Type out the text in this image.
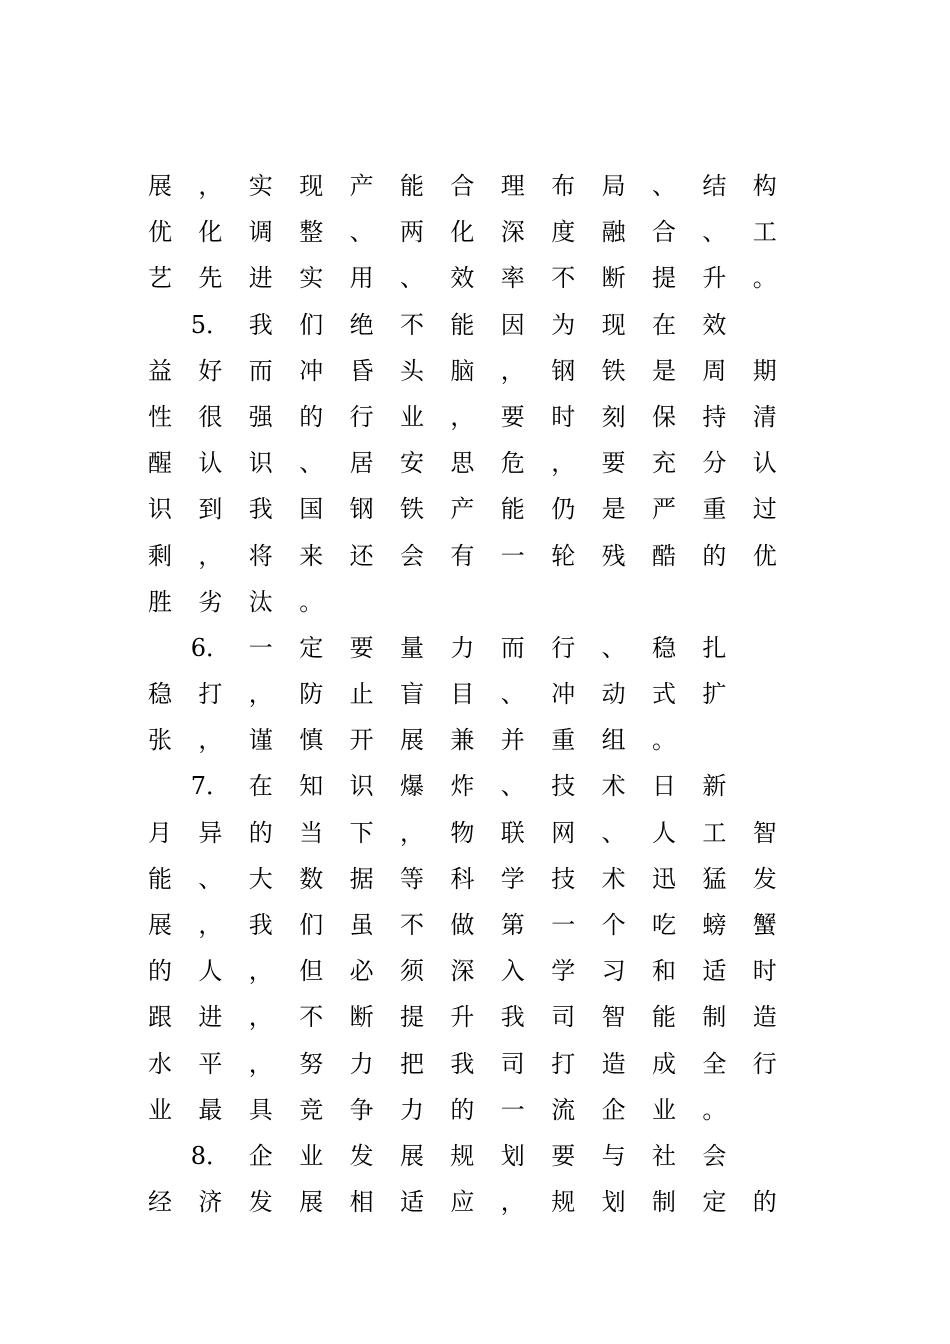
展	，	实	现	产	能	合	理	布	局	、	结	构
优	化	调	整	、	两	化	深	度	融	合	、	工
艺	先	进	实	用	、	效	率	不	断	提	升	。
5． 我	们	绝	不	能	因	为	现	在	效
益	好	而	冲	昏	头	脑	，	钢	铁	是	周	期
性	很	强	的	行	业	，	要	时	刻	保	持	清
醒	认	识	、	居	安	思	危	，	要	充	分	认
识	到	我	国	钢	铁	产	能	仍	是	严	重	过
剩	，	将	来	还	会	有	一	轮	残	酷	的	优
胜	劣	汰	。
6． 一	定	要	量	力	而	行	、	稳	扎
稳	打	，	防	止	盲	目	、	冲	动	式	扩
张	，	谨	慎	开	展	兼	并	重	组	。
7． 在	知	识	爆	炸	、	技	术	日	新
月	异	的	当	下	，	物	联	网	、	人	工	智
能	、	大	数	据	等	科	学	技	术	迅	猛	发
展	，	我	们	虽	不	做	第	一	个	吃	螃	蟹
的	人	，	但	必	须	深	入	学	习	和	适	时
跟	进	，	不	断	提	升	我	司	智	能	制	造
水	平	，	努	力	把	我	司	打	造	成	全	行
业	最	具	竞	争	力	的	一	流	企	业	。
8． 企	业	发	展	规	划	要	与	社	会
经	济	发	展	相	适	应	，	规	划	制	定	的
